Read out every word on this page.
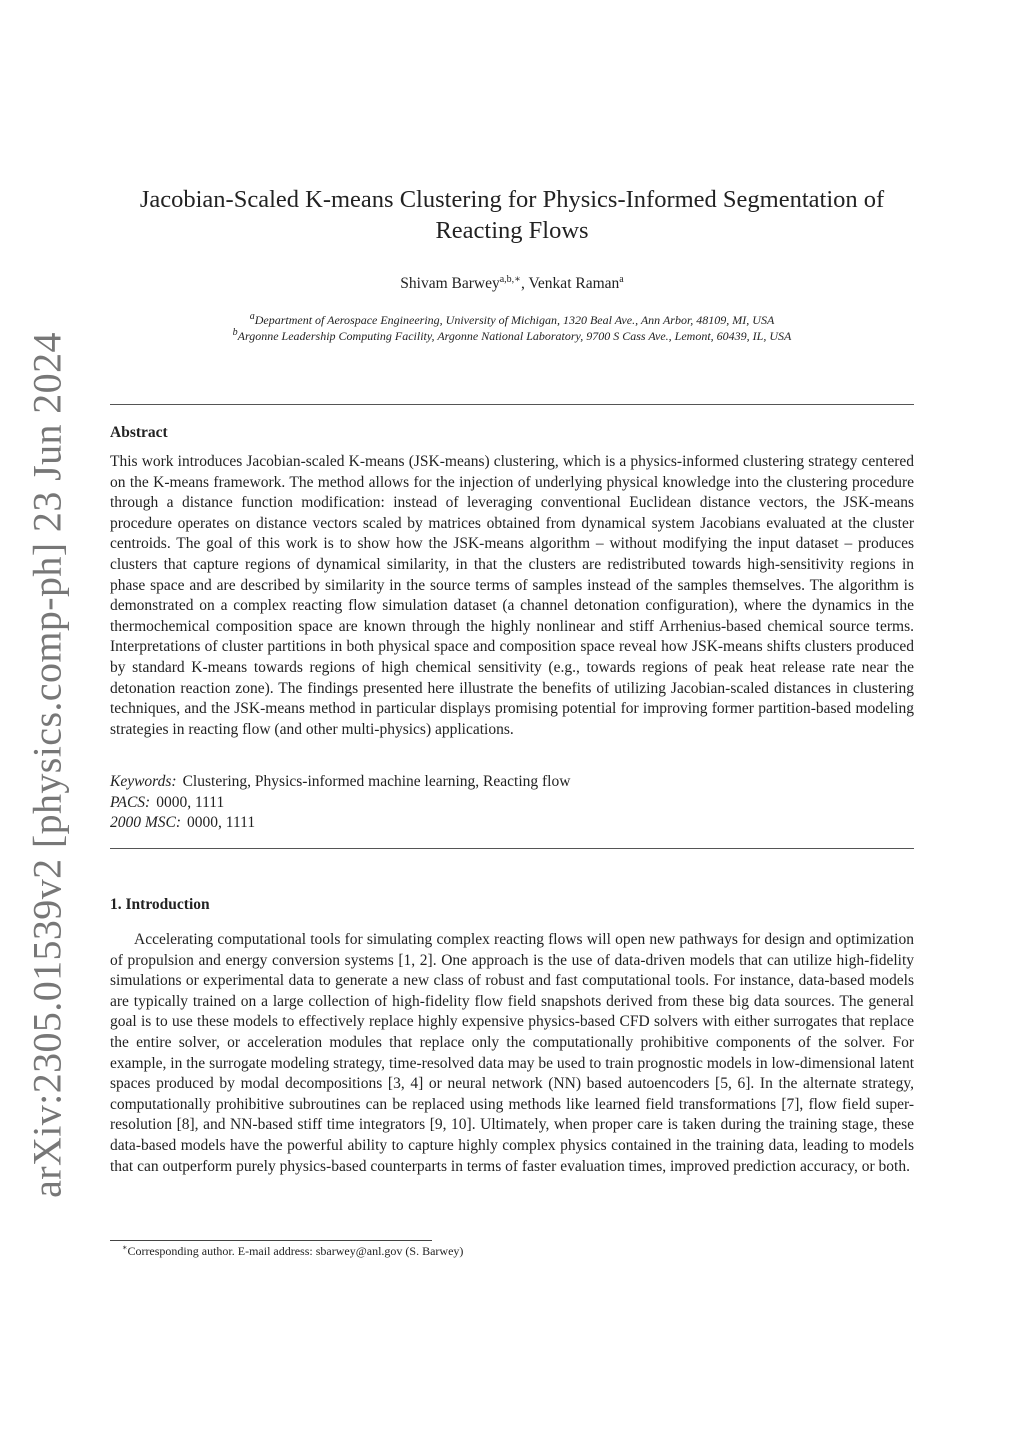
arXiv:2305.01539v2 [physics.comp-ph] 23 Jun 2024
Jacobian-Scaled K-means Clustering for Physics-Informed Segmentation of Reacting Flows
Shivam Barwey$^{a,b,∗}$, Venkat Raman$^a$
$^a$Department of Aerospace Engineering, University of Michigan, 1320 Beal Ave., Ann Arbor, 48109, MI, USA
$^b$Argonne Leadership Computing Facility, Argonne National Laboratory, 9700 S Cass Ave., Lemont, 60439, IL, USA
Abstract
This work introduces Jacobian-scaled K-means (JSK-means) clustering, which is a physics-informed clustering strategy centered on the K-means framework. The method allows for the injection of underlying physical knowledge into the clustering procedure through a distance function modification: instead of leveraging conventional Euclidean distance vectors, the JSK-means procedure operates on distance vectors scaled by matrices obtained from dynamical system Jacobians evaluated at the cluster centroids. The goal of this work is to show how the JSK-means algorithm – without modifying the input dataset – produces clusters that capture regions of dynamical similarity, in that the clusters are redistributed towards high-sensitivity regions in phase space and are described by similarity in the source terms of samples instead of the samples themselves. The algorithm is demonstrated on a complex reacting flow simulation dataset (a channel detonation configuration), where the dynamics in the thermochemical composition space are known through the highly nonlinear and stiff Arrhenius-based chemical source terms. Interpretations of cluster partitions in both physical space and composition space reveal how JSK-means shifts clusters produced by standard K-means towards regions of high chemical sensitivity (e.g., towards regions of peak heat release rate near the detonation reaction zone). The findings presented here illustrate the benefits of utilizing Jacobian-scaled distances in clustering techniques, and the JSK-means method in particular displays promising potential for improving former partition-based modeling strategies in reacting flow (and other multi-physics) applications.
Keywords: Clustering, Physics-informed machine learning, Reacting flow
PACS: 0000, 1111
2000 MSC: 0000, 1111
1. Introduction
Accelerating computational tools for simulating complex reacting flows will open new pathways for design and optimization of propulsion and energy conversion systems [1, 2]. One approach is the use of data-driven models that can utilize high-fidelity simulations or experimental data to generate a new class of robust and fast computational tools. For instance, data-based models are typically trained on a large collection of high-fidelity flow field snapshots derived from these big data sources. The general goal is to use these models to effectively replace highly expensive physics-based CFD solvers with either surrogates that replace the entire solver, or acceleration modules that replace only the computationally prohibitive components of the solver. For example, in the surrogate modeling strategy, time-resolved data may be used to train prognostic models in low-dimensional latent spaces produced by modal decompositions [3, 4] or neural network (NN) based autoencoders [5, 6]. In the alternate strategy, computationally prohibitive subroutines can be replaced using methods like learned field transformations [7], flow field super-resolution [8], and NN-based stiff time integrators [9, 10]. Ultimately, when proper care is taken during the training stage, these data-based models have the powerful ability to capture highly complex physics contained in the training data, leading to models that can outperform purely physics-based counterparts in terms of faster evaluation times, improved prediction accuracy, or both.
∗Corresponding author. E-mail address: sbarwey@anl.gov (S. Barwey)
